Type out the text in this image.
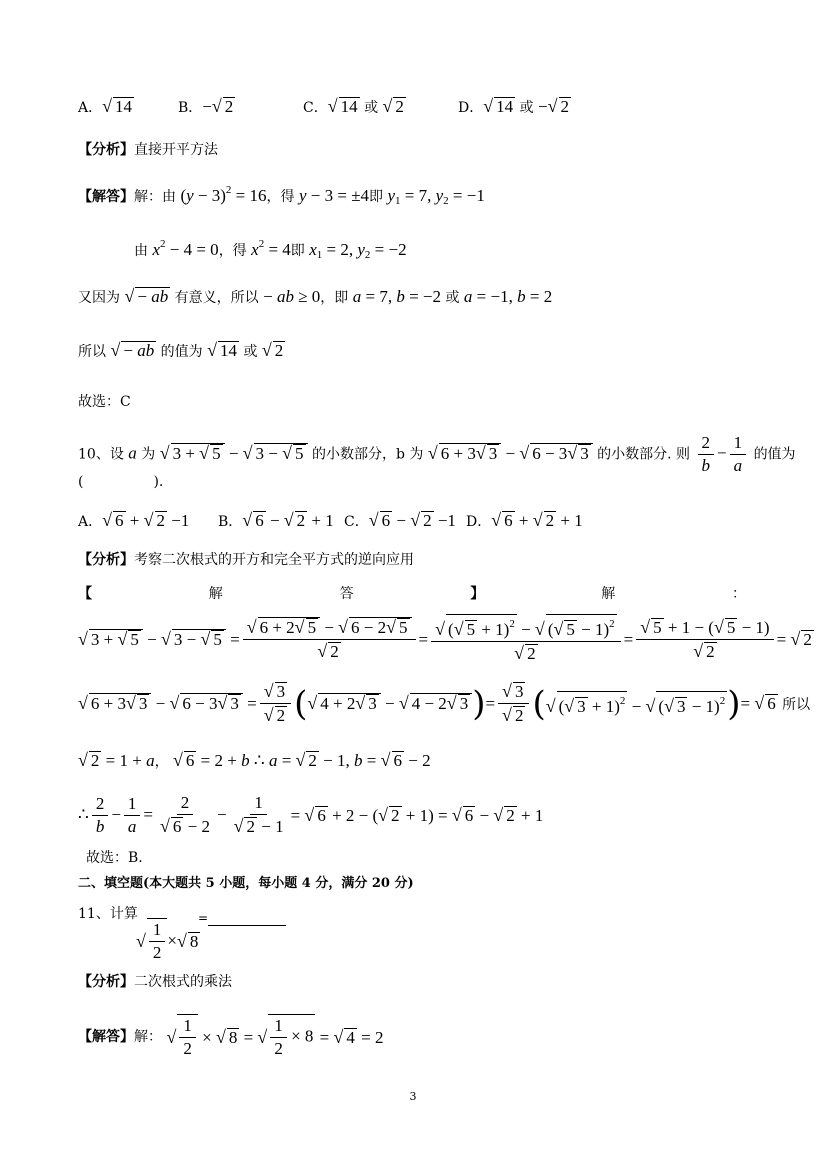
A． √ 14	B．− √ 2	C． √ 14 或 √ 2	D． √ 14 或 − √ 2
【分析】直接开平方法
【解答】解：由 $(y - 3)^2 = 16$，得 y − 3 = ±4即 $y_1 = 7$, $y_2 = -1$
由 $x^2 - 4 = 0$，得 $x^2 = 4$即 $x_1 = 2$, $y_2 = -2$
又因为 √ − ab 有意义，所以 − ab ≥ 0，即 a = 7, b = −2 或 a = −1, b = 2
所以 √ − ab 的值为 √ 14 或 √ 2
故选：C
10、设 a 为 √ 3 + √ 5 − √ 3 − √ 5 的小数部分，b 为 √ 6 + 3 √ 3 − √ 6 − 3 √ 3 的小数部分. 则 $\frac{2}{b} - \frac{1}{a}$ 的值为
(　　　　　).
A． √ 6 + √ 2 −1 B． √ 6 − √ 2 + 1 C． √ 6 − √ 2 −1 D． √ 6 + √ 2 + 1
【分析】考察二次根式的开方和完全平方式的逆向应用
【	解	答	】	解	：
√ 3 + √ 5 − √ 3 − √ 5 = √ 6 + 2 √ 5 − √ 6 − 2 √ 5
√ 2 = √ ( √ 5 + 1)$^2$ − √ ( √ 5 − 1)$^2$
√ 2 = √ 5 + 1 − ( √ 5 − 1)
√ 2 = √ 2
√ 6 + 3 √ 3 − √ 6 − 3 √ 3 = √ 3
√ 2 ( √ 4 + 2 √ 3 − √ 4 − 2 √ 3 ) = √ 3
√ 2 ( √ ( √ 3 + 1)$^2$ − √ ( √ 3 − 1)$^2$ ) = √ 6 所以
√ 2 = 1 + a， √ 6 = 2 + b ∴ a = √ 2 − 1, b = √ 6 − 2
∴ $\frac{2}{b} - \frac{1}{a} = 2$
√ 6 − 2 − 1
√ 2 − 1 = √ 6 + 2 − ( √ 2 + 1) = √ 6 − √ 2 + 1
故选：B.
二、填空题(本大题共 5 小题，每小题 4 分，满分 20 分)
11、计算
√
$\frac{1}{2}$ × √ 8
=
【分析】二次根式的乘法
【解答】解：
√ $\frac{1}{2}$ × √ 8 =
√ $\frac{1}{2} \times 8$ = √ 4 = 2
3
